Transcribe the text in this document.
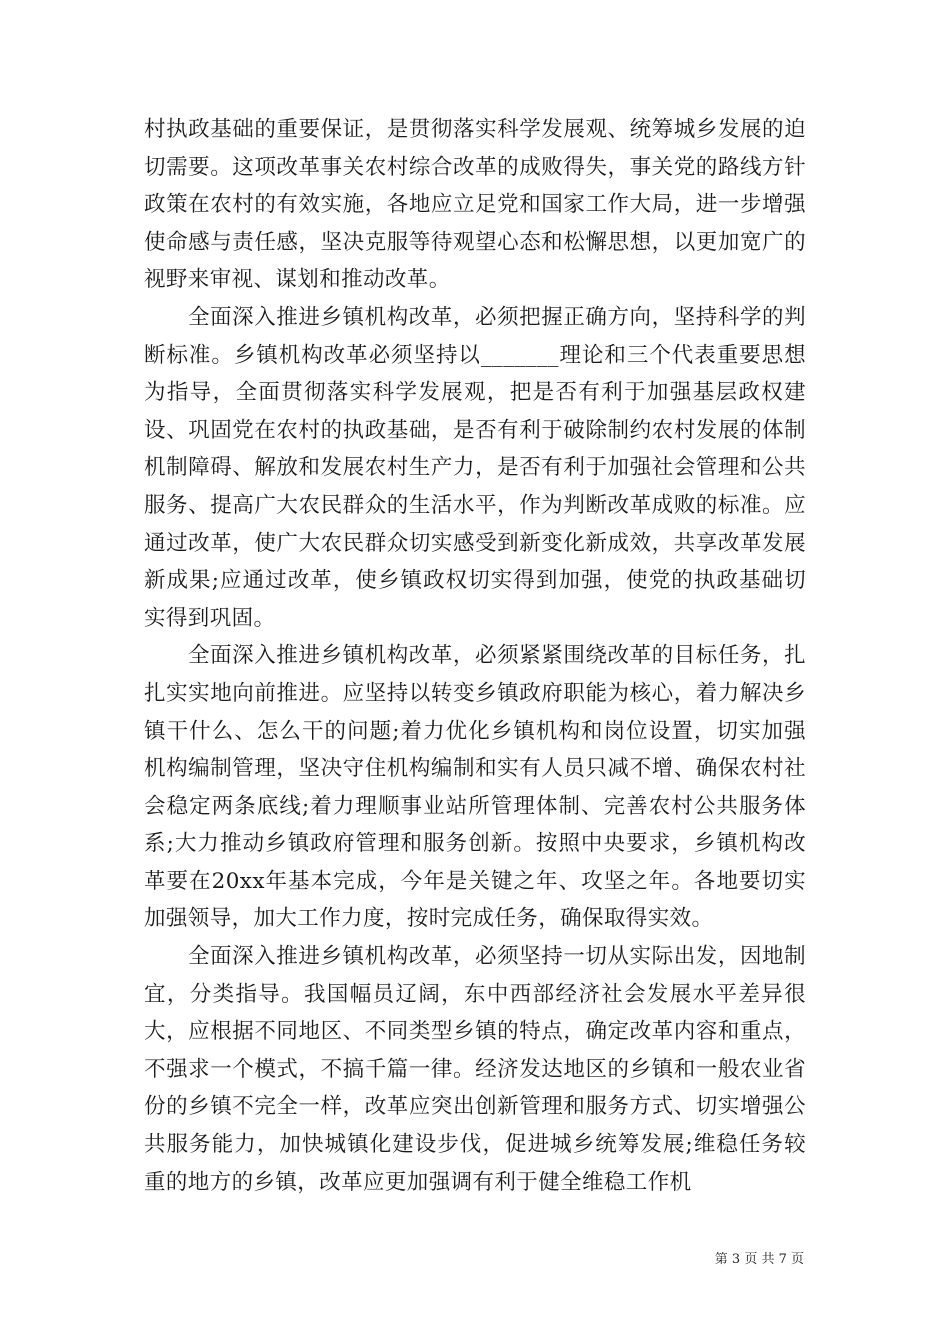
村执政基础的重要保证，是贯彻落实科学发展观、统筹城乡发展的迫切需要。这项改革事关农村综合改革的成败得失，事关党的路线方针政策在农村的有效实施，各地应立足党和国家工作大局，进一步增强使命感与责任感，坚决克服等待观望心态和松懈思想，以更加宽广的视野来审视、谋划和推动改革。

全面深入推进乡镇机构改革，必须把握正确方向，坚持科学的判断标准。乡镇机构改革必须坚持以_______理论和三个代表重要思想为指导，全面贯彻落实科学发展观，把是否有利于加强基层政权建设、巩固党在农村的执政基础，是否有利于破除制约农村发展的体制机制障碍、解放和发展农村生产力，是否有利于加强社会管理和公共服务、提高广大农民群众的生活水平，作为判断改革成败的标准。应通过改革，使广大农民群众切实感受到新变化新成效，共享改革发展新成果;应通过改革，使乡镇政权切实得到加强，使党的执政基础切实得到巩固。

全面深入推进乡镇机构改革，必须紧紧围绕改革的目标任务，扎扎实实地向前推进。应坚持以转变乡镇政府职能为核心，着力解决乡镇干什么、怎么干的问题;着力优化乡镇机构和岗位设置，切实加强机构编制管理，坚决守住机构编制和实有人员只减不增、确保农村社会稳定两条底线;着力理顺事业站所管理体制、完善农村公共服务体系;大力推动乡镇政府管理和服务创新。按照中央要求，乡镇机构改革要在20xx年基本完成，今年是关键之年、攻坚之年。各地要切实加强领导，加大工作力度，按时完成任务，确保取得实效。

全面深入推进乡镇机构改革，必须坚持一切从实际出发，因地制宜，分类指导。我国幅员辽阔，东中西部经济社会发展水平差异很大，应根据不同地区、不同类型乡镇的特点，确定改革内容和重点，不强求一个模式，不搞千篇一律。经济发达地区的乡镇和一般农业省份的乡镇不完全一样，改革应突出创新管理和服务方式、切实增强公共服务能力，加快城镇化建设步伐，促进城乡统筹发展;维稳任务较重的地方的乡镇，改革应更加强调有利于健全维稳工作机

第 3 页 共 7 页
